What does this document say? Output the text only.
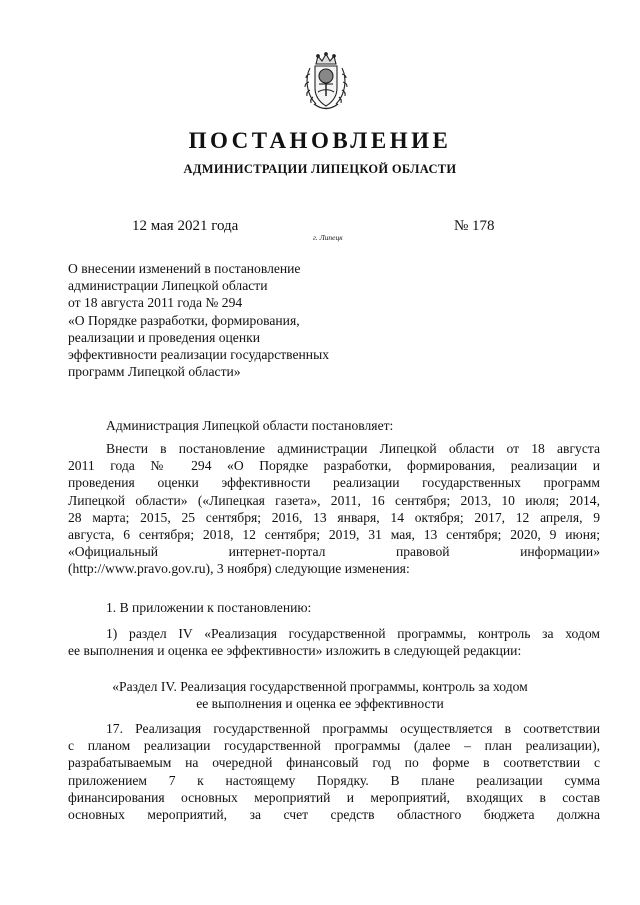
ПОСТАНОВЛЕНИЕ
АДМИНИСТРАЦИИ ЛИПЕЦКОЙ ОБЛАСТИ
12 мая 2021 года
г. Липецк
№ 178
О внесении изменений в постановление
администрации Липецкой области
от 18 августа 2011 года № 294
«О Порядке разработки, формирования,
реализации и проведения оценки
эффективности реализации государственных
программ Липецкой области»
Администрация Липецкой области постановляет:
Внести в постановление администрации Липецкой области от 18 августа
2011 года № 294 «О Порядке разработки, формирования, реализации и
проведения оценки эффективности реализации государственных программ
Липецкой области» («Липецкая газета», 2011, 16 сентября; 2013, 10 июля; 2014,
28 марта; 2015, 25 сентября; 2016, 13 января, 14 октября; 2017, 12 апреля, 9
августа, 6 сентября; 2018, 12 сентября; 2019, 31 мая, 13 сентября; 2020, 9 июня;
«Официальный интернет-портал правовой информации»
(http://www.pravo.gov.ru), 3 ноября) следующие изменения:
1. В приложении к постановлению:
1) раздел IV «Реализация государственной программы, контроль за ходом
ее выполнения и оценка ее эффективности» изложить в следующей редакции:
«Раздел IV. Реализация государственной программы, контроль за ходом
ее выполнения и оценка ее эффективности
17. Реализация государственной программы осуществляется в соответствии
с планом реализации государственной программы (далее – план реализации),
разрабатываемым на очередной финансовый год по форме в соответствии с
приложением 7 к настоящему Порядку. В плане реализации сумма
финансирования основных мероприятий и мероприятий, входящих в состав
основных мероприятий, за счет средств областного бюджета должна
